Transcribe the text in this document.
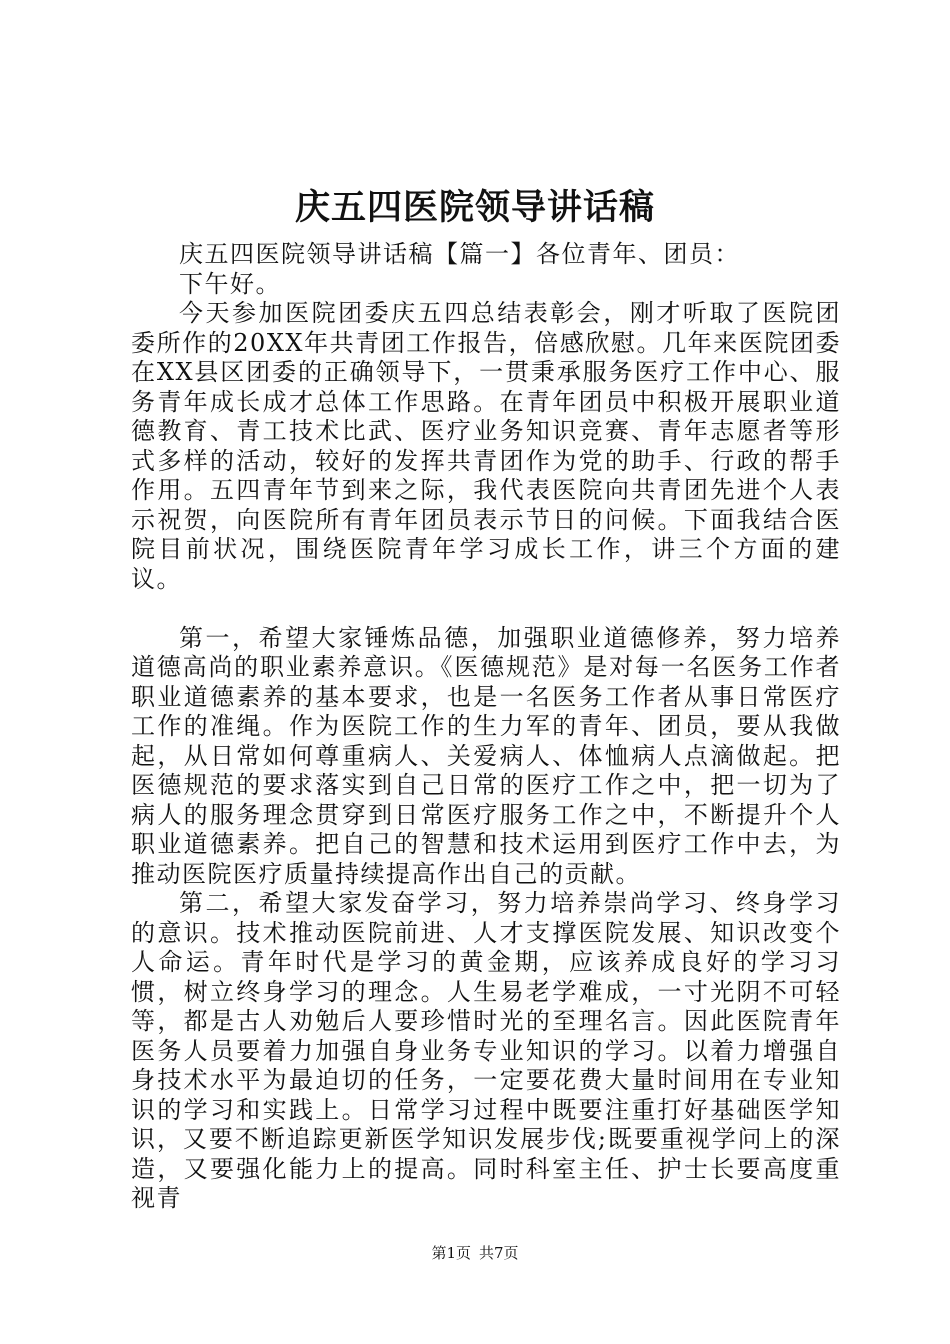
庆五四医院领导讲话稿

庆五四医院领导讲话稿【篇一】各位青年、团员：

下午好。

今天参加医院团委庆五四总结表彰会，刚才听取了医院团委所作的20XX年共青团工作报告，倍感欣慰。几年来医院团委在XX县区团委的正确领导下，一贯秉承服务医疗工作中心、服务青年成长成才总体工作思路。在青年团员中积极开展职业道德教育、青工技术比武、医疗业务知识竞赛、青年志愿者等形式多样的活动，较好的发挥共青团作为党的助手、行政的帮手作用。五四青年节到来之际，我代表医院向共青团先进个人表示祝贺，向医院所有青年团员表示节日的问候。下面我结合医院目前状况，围绕医院青年学习成长工作，讲三个方面的建议。

第一，希望大家锤炼品德，加强职业道德修养，努力培养道德高尚的职业素养意识。《医德规范》是对每一名医务工作者职业道德素养的基本要求，也是一名医务工作者从事日常医疗工作的准绳。作为医院工作的生力军的青年、团员，要从我做起，从日常如何尊重病人、关爱病人、体恤病人点滴做起。把医德规范的要求落实到自己日常的医疗工作之中，把一切为了病人的服务理念贯穿到日常医疗服务工作之中，不断提升个人职业道德素养。把自己的智慧和技术运用到医疗工作中去，为推动医院医疗质量持续提高作出自己的贡献。

第二，希望大家发奋学习，努力培养崇尚学习、终身学习的意识。技术推动医院前进、人才支撑医院发展、知识改变个人命运。青年时代是学习的黄金期，应该养成良好的学习习惯，树立终身学习的理念。人生易老学难成，一寸光阴不可轻等，都是古人劝勉后人要珍惜时光的至理名言。因此医院青年医务人员要着力加强自身业务专业知识的学习。以着力增强自身技术水平为最迫切的任务，一定要花费大量时间用在专业知识的学习和实践上。日常学习过程中既要注重打好基础医学知识，又要不断追踪更新医学知识发展步伐;既要重视学问上的深造，又要强化能力上的提高。同时科室主任、护士长要高度重视青

第1页 共7页
